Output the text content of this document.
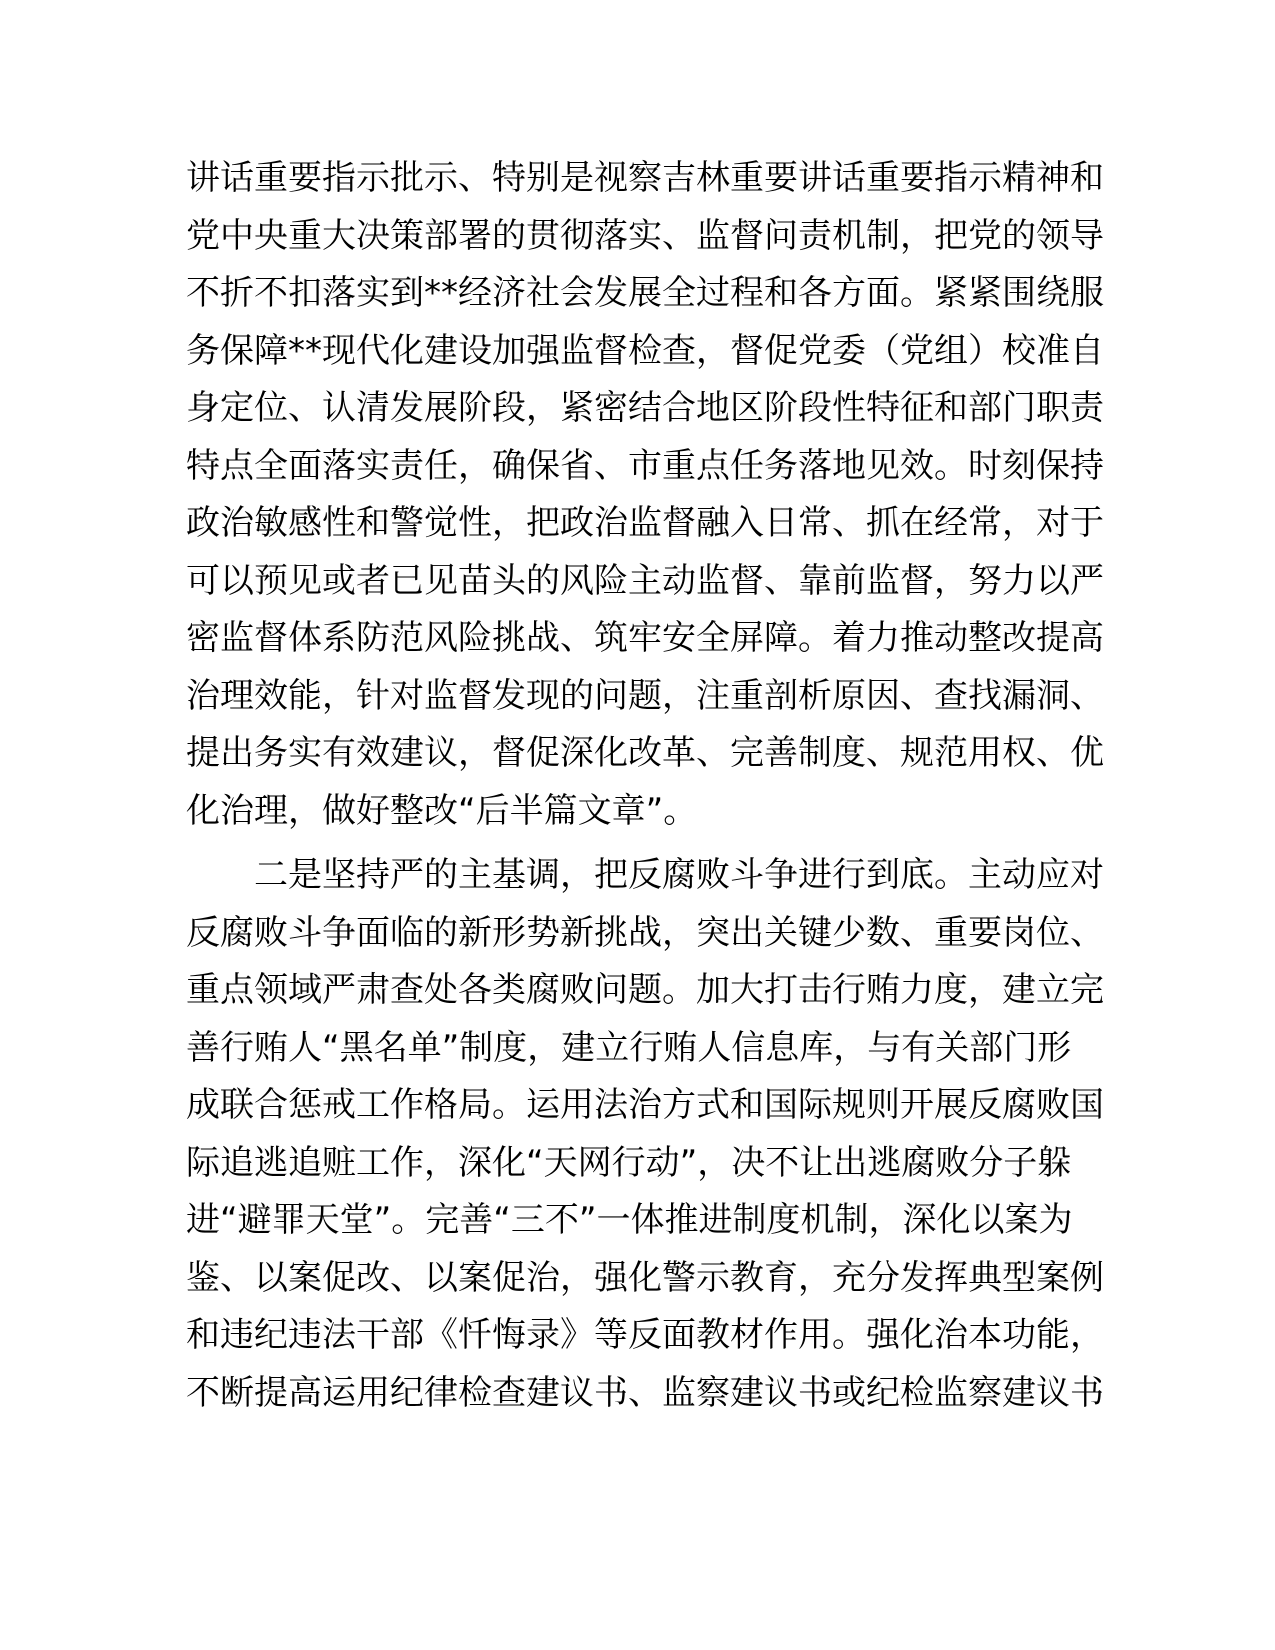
讲话重要指示批示、特别是视察吉林重要讲话重要指示精神和
党中央重大决策部署的贯彻落实、监督问责机制，把党的领导
不折不扣落实到**经济社会发展全过程和各方面。紧紧围绕服
务保障**现代化建设加强监督检查，督促党委（党组）校准自
身定位、认清发展阶段，紧密结合地区阶段性特征和部门职责
特点全面落实责任，确保省、市重点任务落地见效。时刻保持
政治敏感性和警觉性，把政治监督融入日常、抓在经常，对于
可以预见或者已见苗头的风险主动监督、靠前监督，努力以严
密监督体系防范风险挑战、筑牢安全屏障。着力推动整改提高
治理效能，针对监督发现的问题，注重剖析原因、查找漏洞、
提出务实有效建议，督促深化改革、完善制度、规范用权、优
化治理，做好整改“后半篇文章”。
二是坚持严的主基调，把反腐败斗争进行到底。主动应对
反腐败斗争面临的新形势新挑战，突出关键少数、重要岗位、
重点领域严肃查处各类腐败问题。加大打击行贿力度，建立完
善行贿人“黑名单”制度，建立行贿人信息库，与有关部门形
成联合惩戒工作格局。运用法治方式和国际规则开展反腐败国
际追逃追赃工作，深化“天网行动”，决不让出逃腐败分子躲
进“避罪天堂”。完善“三不”一体推进制度机制，深化以案为
鉴、以案促改、以案促治，强化警示教育，充分发挥典型案例
和违纪违法干部《忏悔录》等反面教材作用。强化治本功能，
不断提高运用纪律检查建议书、监察建议书或纪检监察建议书
